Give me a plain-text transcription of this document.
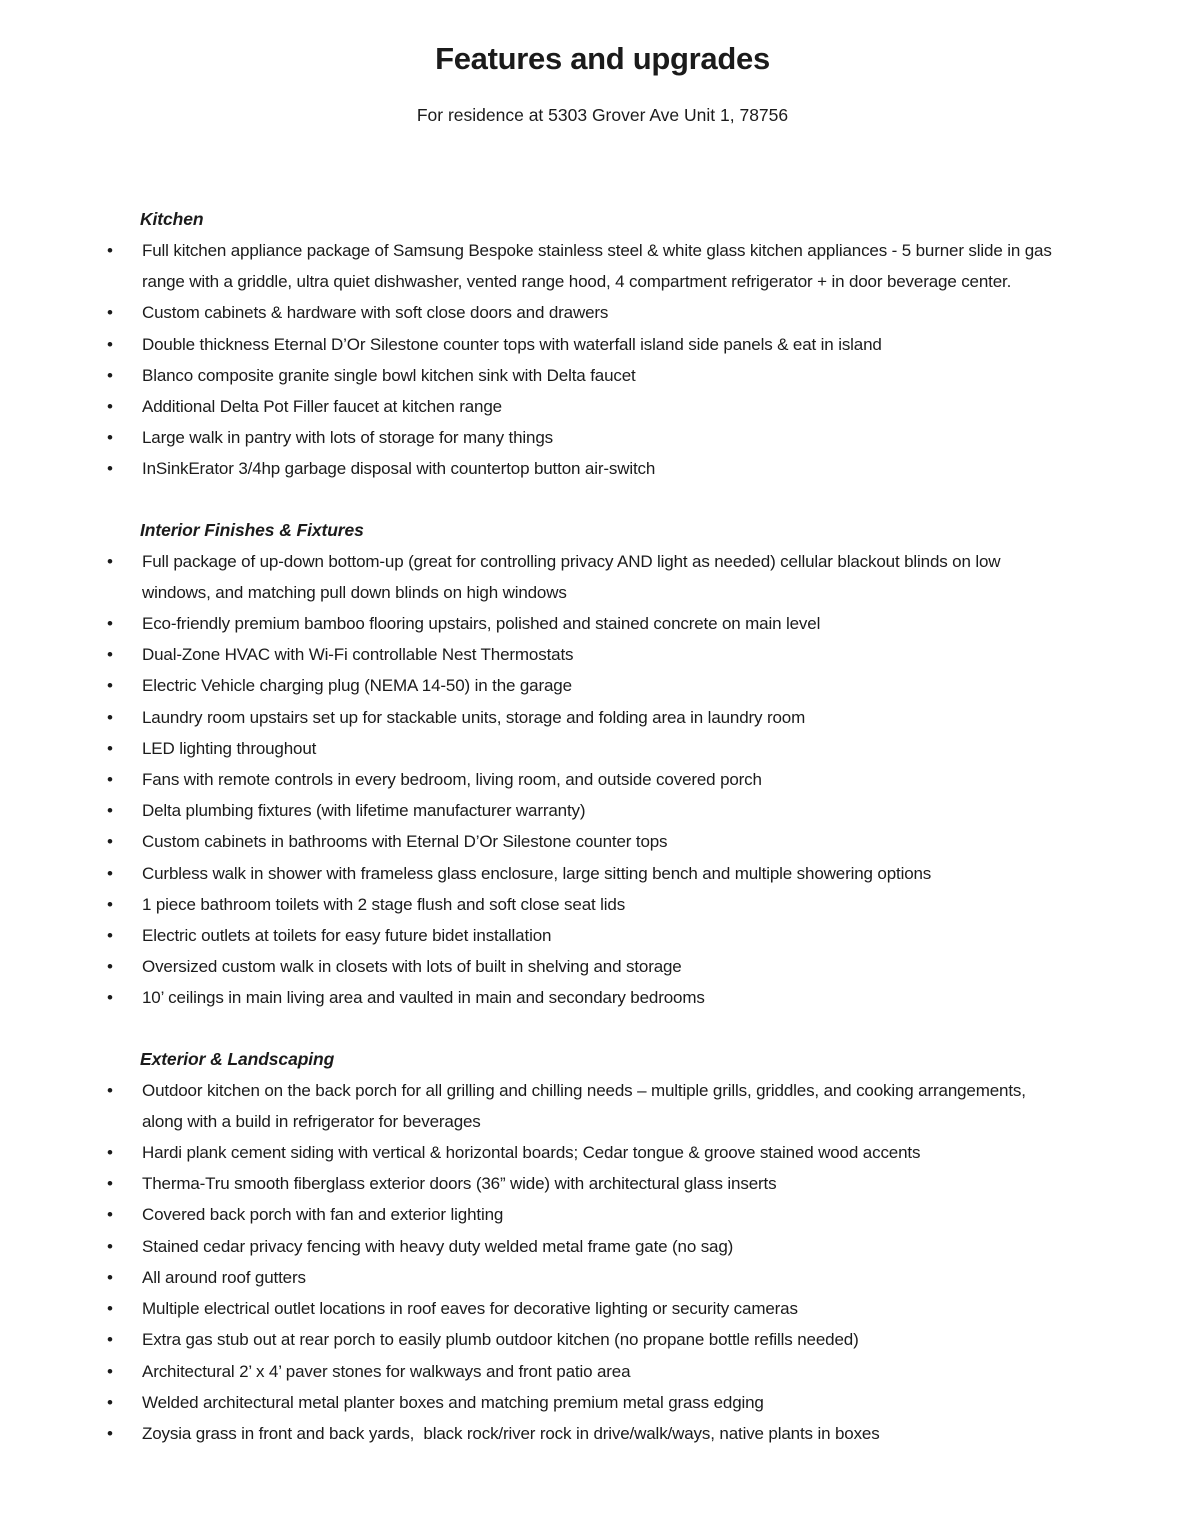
Features and upgrades

For residence at 5303 Grover Ave Unit 1, 78756

Kitchen
• Full kitchen appliance package of Samsung Bespoke stainless steel & white glass kitchen appliances - 5 burner slide in gas range with a griddle, ultra quiet dishwasher, vented range hood, 4 compartment refrigerator + in door beverage center.
• Custom cabinets & hardware with soft close doors and drawers
• Double thickness Eternal D’Or Silestone counter tops with waterfall island side panels & eat in island
• Blanco composite granite single bowl kitchen sink with Delta faucet
• Additional Delta Pot Filler faucet at kitchen range
• Large walk in pantry with lots of storage for many things
• InSinkErator 3/4hp garbage disposal with countertop button air-switch
Interior Finishes & Fixtures
• Full package of up-down bottom-up (great for controlling privacy AND light as needed) cellular blackout blinds on low windows, and matching pull down blinds on high windows
• Eco-friendly premium bamboo flooring upstairs, polished and stained concrete on main level
• Dual-Zone HVAC with Wi-Fi controllable Nest Thermostats
• Electric Vehicle charging plug (NEMA 14-50) in the garage
• Laundry room upstairs set up for stackable units, storage and folding area in laundry room
• LED lighting throughout
• Fans with remote controls in every bedroom, living room, and outside covered porch
• Delta plumbing fixtures (with lifetime manufacturer warranty)
• Custom cabinets in bathrooms with Eternal D’Or Silestone counter tops
• Curbless walk in shower with frameless glass enclosure, large sitting bench and multiple showering options
• 1 piece bathroom toilets with 2 stage flush and soft close seat lids
• Electric outlets at toilets for easy future bidet installation
• Oversized custom walk in closets with lots of built in shelving and storage
• 10’ ceilings in main living area and vaulted in main and secondary bedrooms
Exterior & Landscaping
• Outdoor kitchen on the back porch for all grilling and chilling needs – multiple grills, griddles, and cooking arrangements, along with a build in refrigerator for beverages
• Hardi plank cement siding with vertical & horizontal boards; Cedar tongue & groove stained wood accents
• Therma-Tru smooth fiberglass exterior doors (36” wide) with architectural glass inserts
• Covered back porch with fan and exterior lighting
• Stained cedar privacy fencing with heavy duty welded metal frame gate (no sag)
• All around roof gutters
• Multiple electrical outlet locations in roof eaves for decorative lighting or security cameras
• Extra gas stub out at rear porch to easily plumb outdoor kitchen (no propane bottle refills needed)
• Architectural 2’ x 4’ paver stones for walkways and front patio area
• Welded architectural metal planter boxes and matching premium metal grass edging
• Zoysia grass in front and back yards,  black rock/river rock in drive/walk/ways, native plants in boxes
